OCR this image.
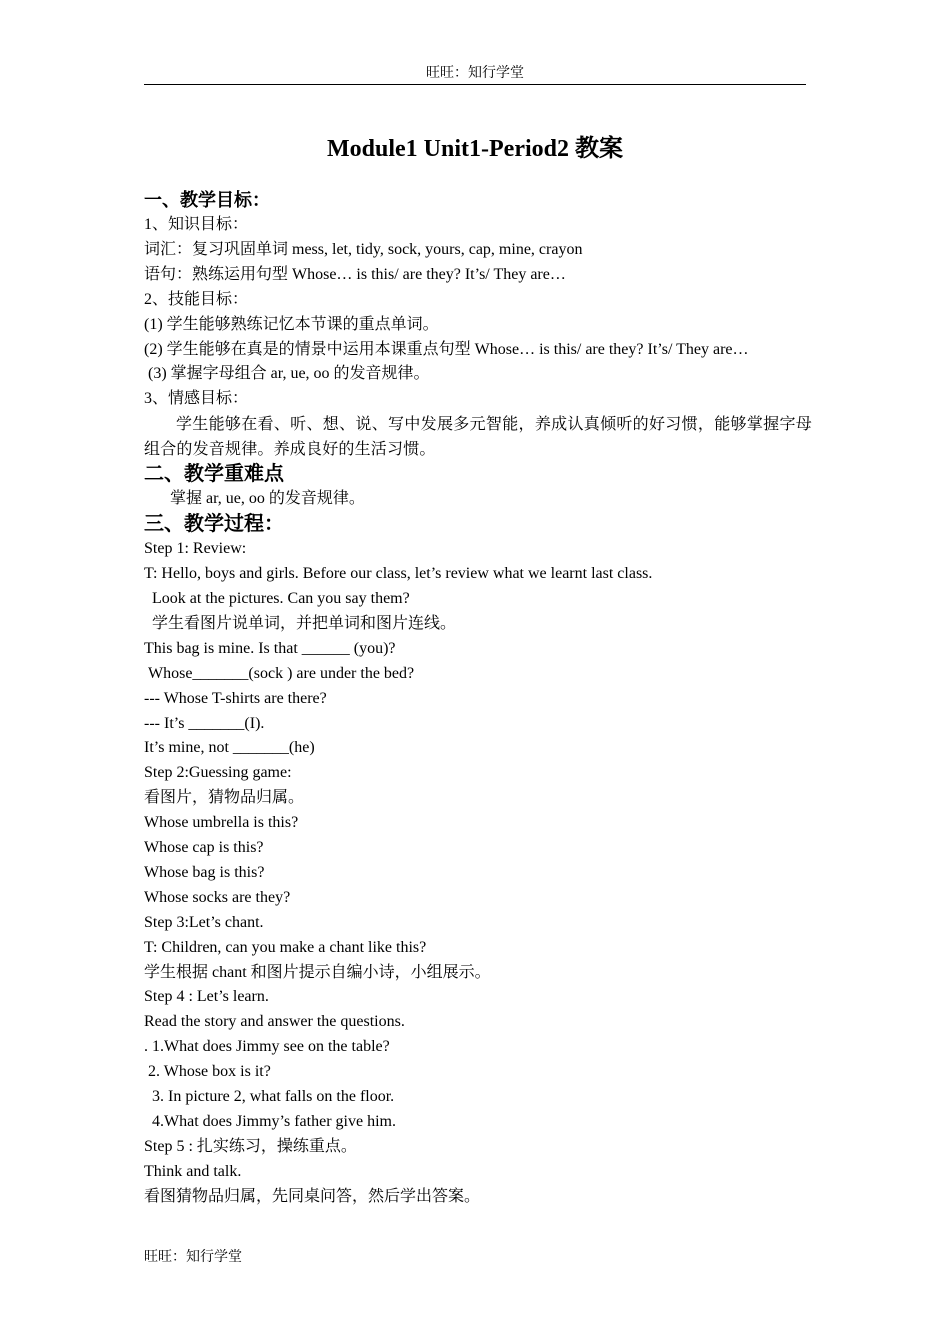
旺旺：知行学堂
Module1 Unit1-Period2 教案

一、教学目标：

1、知识目标：

词汇：复习巩固单词 mess, let, tidy, sock, yours, cap, mine, crayon

语句：熟练运用句型 Whose… is this/ are they? It’s/ They are…

2、技能目标：

(1) 学生能够熟练记忆本节课的重点单词。

(2) 学生能够在真是的情景中运用本课重点句型 Whose… is this/ are they? It’s/ They are…

(3) 掌握字母组合 ar, ue, oo 的发音规律。

3、情感目标：

学生能够在看、听、想、说、写中发展多元智能，养成认真倾听的好习惯，能够掌握字母组合的发音规律。养成良好的生活习惯。

二、教学重难点

掌握 ar, ue, oo 的发音规律。

三、教学过程：

Step 1: Review:

T: Hello, boys and girls. Before our class, let’s review what we learnt last class.

Look at the pictures. Can you say them?

学生看图片说单词，并把单词和图片连线。

This bag is mine. Is that ______ (you)?

Whose_______(sock ) are under the bed?

--- Whose T-shirts are there?

--- It’s _______(I).

It’s mine, not _______(he)

Step 2:Guessing game:

看图片，猜物品归属。

Whose umbrella is this?

Whose cap is this?

Whose bag is this?

Whose socks are they?

Step 3:Let’s chant.

T: Children, can you make a chant like this?

学生根据 chant 和图片提示自编小诗，小组展示。

Step 4 : Let’s learn.

Read the story and answer the questions.

. 1.What does Jimmy see on the table?

2. Whose box is it?

3. In picture 2, what falls on the floor.

4.What does Jimmy’s father give him.

Step 5 : 扎实练习，操练重点。

Think and talk.

看图猜物品归属，先同桌问答，然后学出答案。

旺旺：知行学堂
